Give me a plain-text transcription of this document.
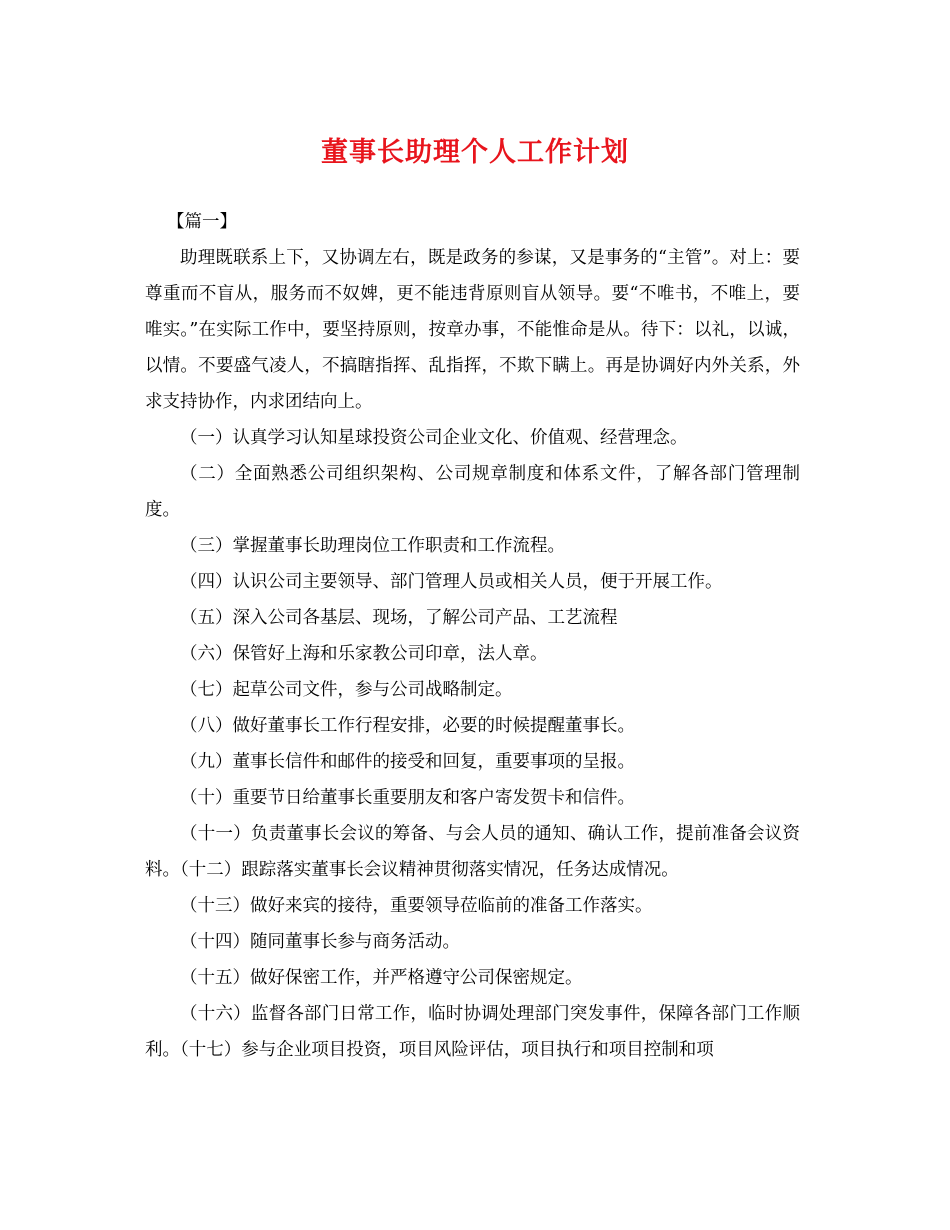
董事长助理个人工作计划

【篇一】

助理既联系上下，又协调左右，既是政务的参谋，又是事务的“主管”。对上：要尊重而不盲从，服务而不奴婢，更不能违背原则盲从领导。要“不唯书，不唯上，要唯实。”在实际工作中，要坚持原则，按章办事，不能惟命是从。待下：以礼，以诚，以情。不要盛气凌人，不搞瞎指挥、乱指挥，不欺下瞒上。再是协调好内外关系，外求支持协作，内求团结向上。

（一）认真学习认知星球投资公司企业文化、价值观、经营理念。

（二）全面熟悉公司组织架构、公司规章制度和体系文件，了解各部门管理制度。

（三）掌握董事长助理岗位工作职责和工作流程。

（四）认识公司主要领导、部门管理人员或相关人员，便于开展工作。

（五）深入公司各基层、现场，了解公司产品、工艺流程

（六）保管好上海和乐家教公司印章，法人章。

（七）起草公司文件，参与公司战略制定。

（八）做好董事长工作行程安排，必要的时候提醒董事长。

（九）董事长信件和邮件的接受和回复，重要事项的呈报。

（十）重要节日给董事长重要朋友和客户寄发贺卡和信件。

（十一）负责董事长会议的筹备、与会人员的通知、确认工作，提前准备会议资料。（十二）跟踪落实董事长会议精神贯彻落实情况，任务达成情况。

（十三）做好来宾的接待，重要领导莅临前的准备工作落实。

（十四）随同董事长参与商务活动。

（十五）做好保密工作，并严格遵守公司保密规定。

（十六）监督各部门日常工作，临时协调处理部门突发事件，保障各部门工作顺利。（十七）参与企业项目投资，项目风险评估，项目执行和项目控制和项
